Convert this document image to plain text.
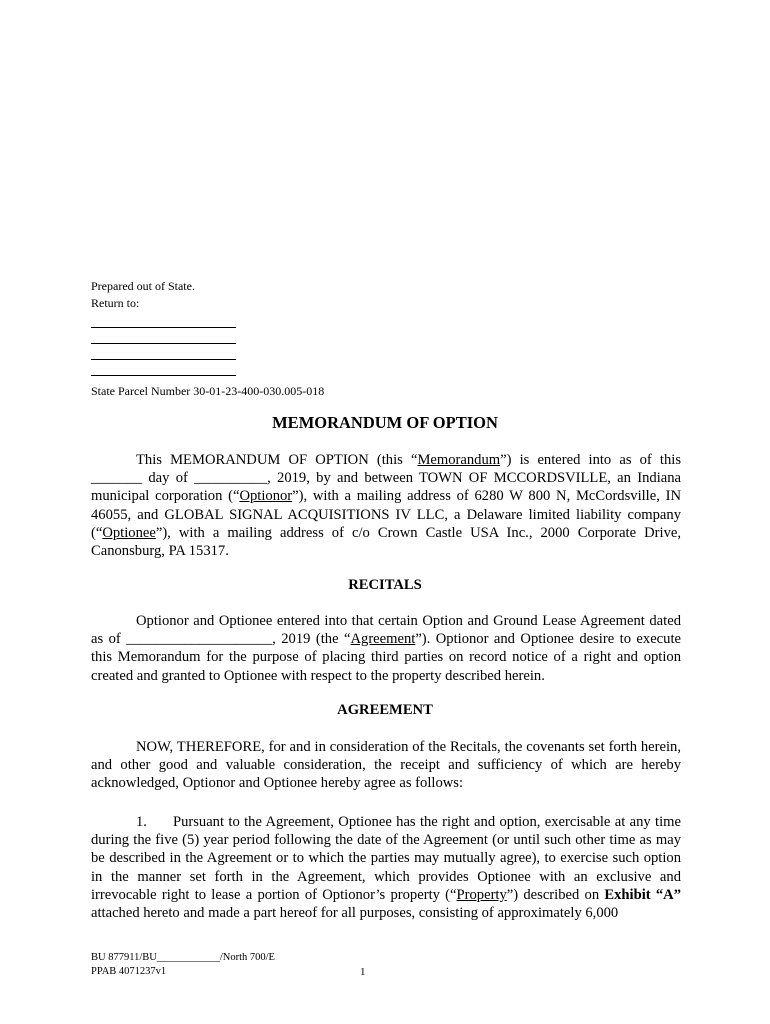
Prepared out of State.
Return to:
State Parcel Number 30-01-23-400-030.005-018
MEMORANDUM OF OPTION
This MEMORANDUM OF OPTION (this “Memorandum”) is entered into as of this _______ day of __________, 2019, by and between TOWN OF MCCORDSVILLE, an Indiana municipal corporation (“Optionor”), with a mailing address of 6280 W 800 N, McCordsville, IN 46055, and GLOBAL SIGNAL ACQUISITIONS IV LLC, a Delaware limited liability company (“Optionee”), with a mailing address of c/o Crown Castle USA Inc., 2000 Corporate Drive, Canonsburg, PA 15317.
RECITALS
Optionor and Optionee entered into that certain Option and Ground Lease Agreement dated as of ____________________, 2019 (the “Agreement”). Optionor and Optionee desire to execute this Memorandum for the purpose of placing third parties on record notice of a right and option created and granted to Optionee with respect to the property described herein.
AGREEMENT
NOW, THEREFORE, for and in consideration of the Recitals, the covenants set forth herein, and other good and valuable consideration, the receipt and sufficiency of which are hereby acknowledged, Optionor and Optionee hereby agree as follows:
1. Pursuant to the Agreement, Optionee has the right and option, exercisable at any time during the five (5) year period following the date of the Agreement (or until such other time as may be described in the Agreement or to which the parties may mutually agree), to exercise such option in the manner set forth in the Agreement, which provides Optionee with an exclusive and irrevocable right to lease a portion of Optionor’s property (“Property”) described on Exhibit “A” attached hereto and made a part hereof for all purposes, consisting of approximately 6,000
BU 877911/BU____________/North 700/E
PPAB 4071237v1	1
